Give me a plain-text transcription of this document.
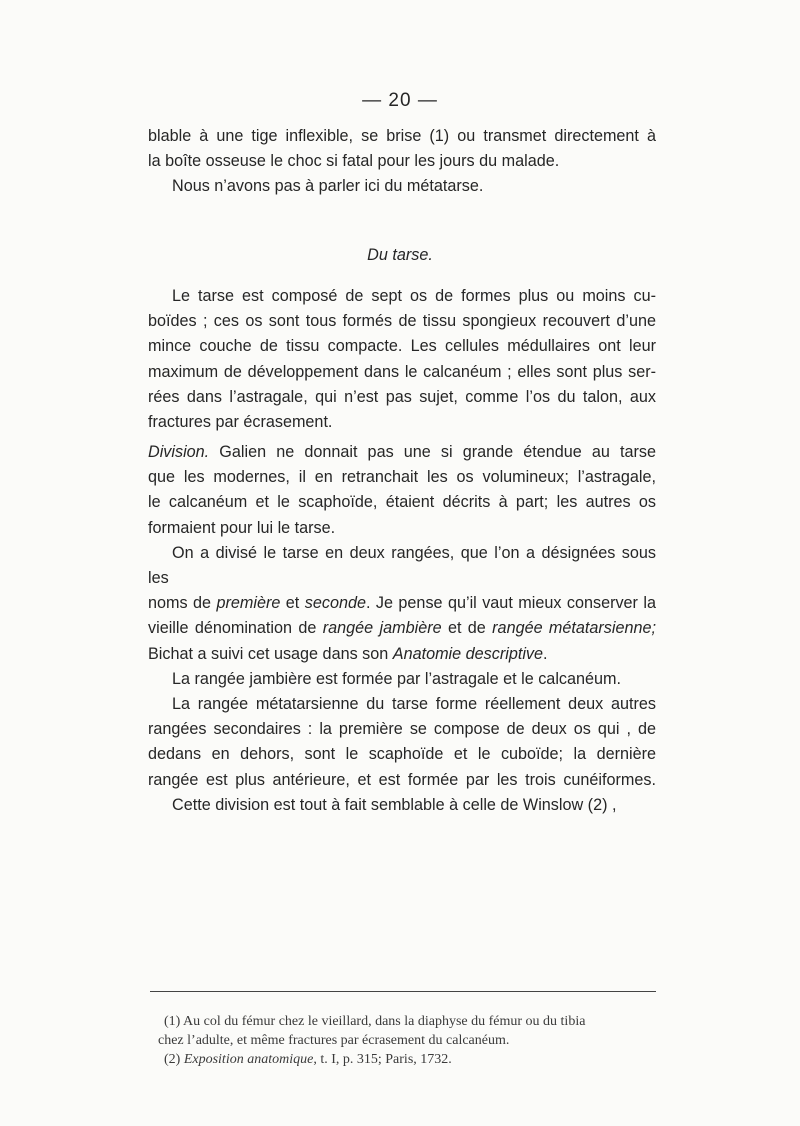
— 20 —

blable à une tige inflexible, se brise (1) ou transmet directement à

la boîte osseuse le choc si fatal pour les jours du malade.

Nous n’avons pas à parler ici du métatarse.

Du tarse.

Le tarse est composé de sept os de formes plus ou moins cu-

boïdes ; ces os sont tous formés de tissu spongieux recouvert d’une

mince couche de tissu compacte. Les cellules médullaires ont leur

maximum de développement dans le calcanéum ; elles sont plus ser-

rées dans l’astragale, qui n’est pas sujet, comme l’os du talon, aux

fractures par écrasement.

Division. Galien ne donnait pas une si grande étendue au tarse

que les modernes, il en retranchait les os volumineux; l’astragale,

le calcanéum et le scaphoïde, étaient décrits à part; les autres os

formaient pour lui le tarse.

On a divisé le tarse en deux rangées, que l’on a désignées sous les

noms de première et seconde. Je pense qu’il vaut mieux conserver la

vieille dénomination de rangée jambière et de rangée métatarsienne;

Bichat a suivi cet usage dans son Anatomie descriptive.

La rangée jambière est formée par l’astragale et le calcanéum.

La rangée métatarsienne du tarse forme réellement deux autres

rangées secondaires : la première se compose de deux os qui , de

dedans en dehors, sont le scaphoïde et le cuboïde; la dernière

rangée est plus antérieure, et est formée par les trois cunéiformes.

Cette division est tout à fait semblable à celle de Winslow (2) ,

(1) Au col du fémur chez le vieillard, dans la diaphyse du fémur ou du tibia

chez l’adulte, et même fractures par écrasement du calcanéum.

(2) Exposition anatomique, t. I, p. 315; Paris, 1732.
